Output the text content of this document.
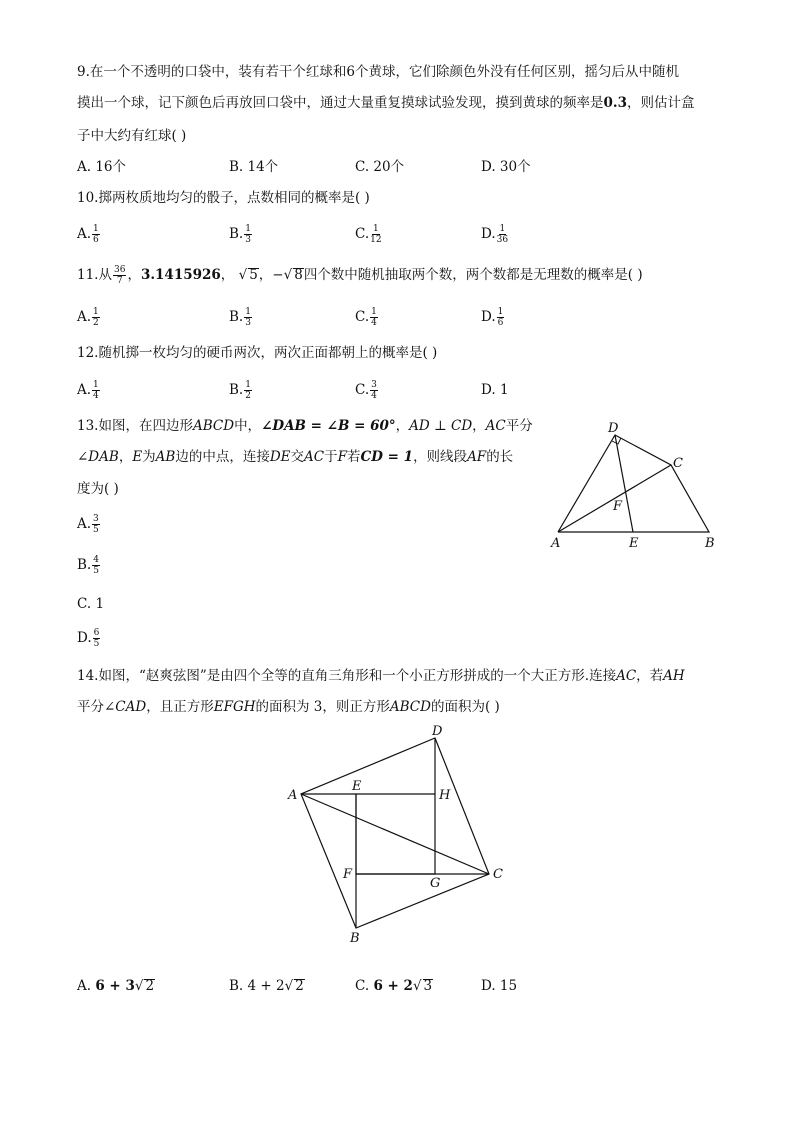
9.在一个不透明的口袋中，装有若干个红球和6个黄球，它们除颜色外没有任何区别，摇匀后从中随机
摸出一个球，记下颜色后再放回口袋中，通过大量重复摸球试验发现，摸到黄球的频率是0.3，则估计盒
子中大约有红球( )
A. 16个	B. 14个	C. 20个	D. 30个
10.掷两枚质地均匀的骰子，点数相同的概率是( )
A. $\frac{1}{6}$	B. $\frac{1}{3}$	C. $\frac{1}{12}$	D. $\frac{1}{36}$
11.从 $\frac{36}{7}$ ，3.1415926， √ 5，−√ 8四个数中随机抽取两个数，两个数都是无理数的概率是( )
A. $\frac{1}{2}$	B. $\frac{1}{3}$	C. $\frac{1}{4}$	D. $\frac{1}{6}$
12.随机掷一枚均匀的硬币两次，两次正面都朝上的概率是( )
A. $\frac{1}{4}$	B. $\frac{1}{2}$	C. $\frac{3}{4}$	D. 1
13.如图，在四边形ABCD中，∠DAB = ∠B = 60°，AD ⊥ CD，AC平分
∠DAB，E为AB边的中点，连接DE交AC于F若CD = 1，则线段AF的长
度为( )
A. $\frac{3}{5}$
B. $\frac{4}{5}$
C. 1
D. $\frac{6}{5}$
D
C
F
A	E	B
14.如图，“赵爽弦图”是由四个全等的直角三角形和一个小正方形拼成的一个大正方形.连接AC，若AH
平分∠CAD，且正方形EFGH的面积为 3，则正方形ABCD的面积为( )
D
A
E
H
F
G
C
B
A. 6 + 3√ 2	B. 4 + 2√ 2	C. 6 + 2√ 3	D. 15
